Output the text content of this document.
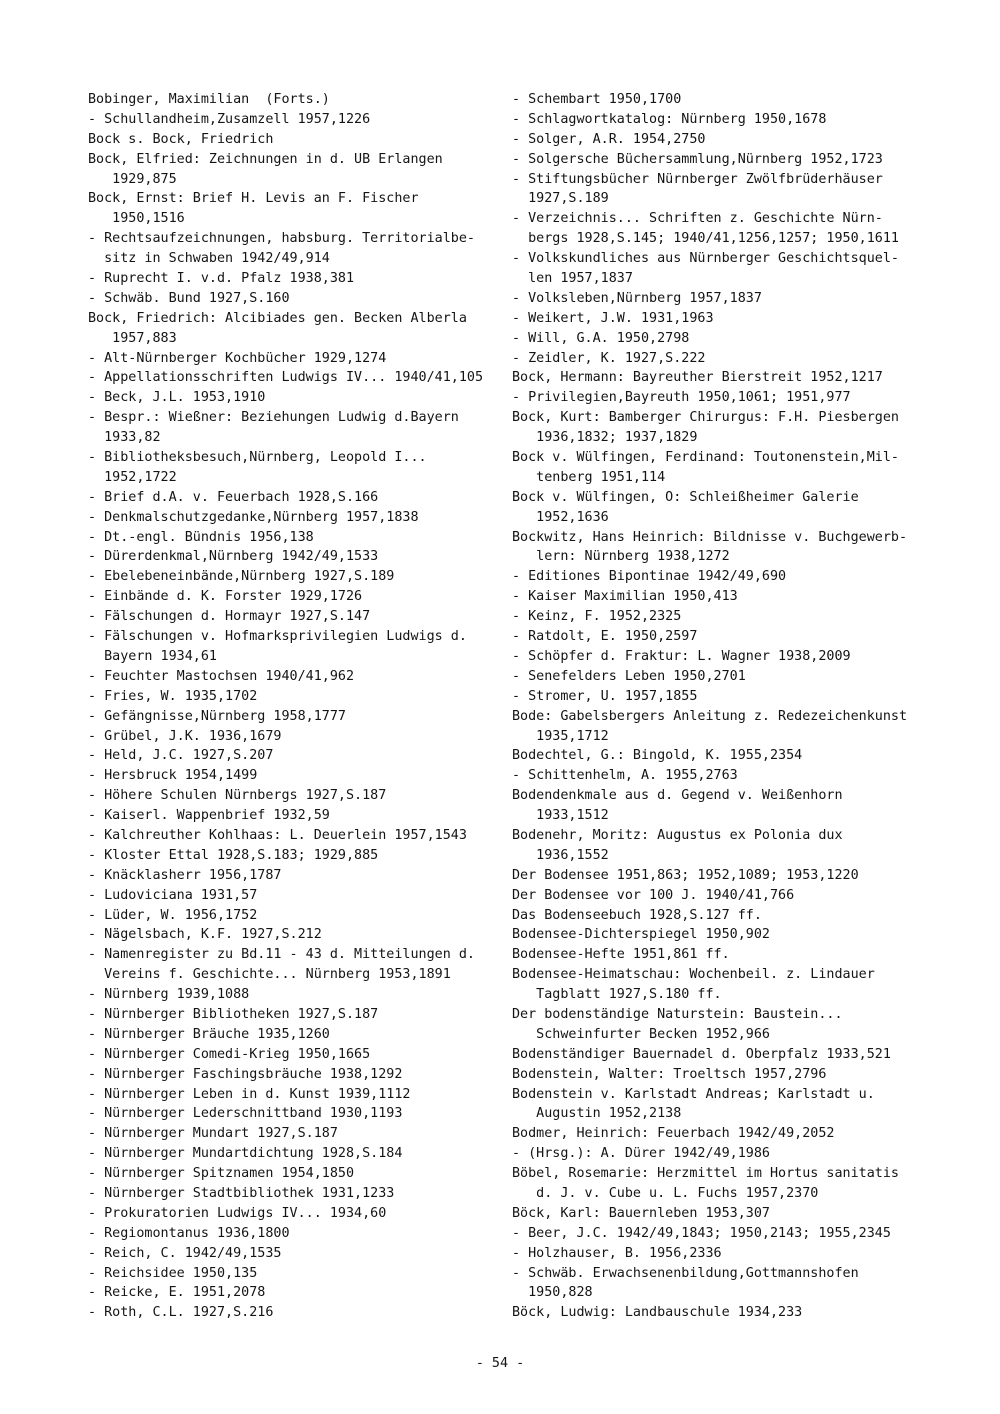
Bobinger, Maximilian  (Forts.)
- Schullandheim,Zusamzell 1957,1226
Bock s. Bock, Friedrich
Bock, Elfried: Zeichnungen in d. UB Erlangen
1929,875
Bock, Ernst: Brief H. Levis an F. Fischer
1950,1516
- Rechtsaufzeichnungen, habsburg. Territorialbe-
sitz in Schwaben 1942/49,914
- Ruprecht I. v.d. Pfalz 1938,381
- Schwäb. Bund 1927,S.160
Bock, Friedrich: Alcibiades gen. Becken Alberla
1957,883
- Alt-Nürnberger Kochbücher 1929,1274
- Appellationsschriften Ludwigs IV... 1940/41,105
- Beck, J.L. 1953,1910
- Bespr.: Wießner: Beziehungen Ludwig d.Bayern
1933,82
- Bibliotheksbesuch,Nürnberg, Leopold I...
1952,1722
- Brief d.A. v. Feuerbach 1928,S.166
- Denkmalschutzgedanke,Nürnberg 1957,1838
- Dt.-engl. Bündnis 1956,138
- Dürerdenkmal,Nürnberg 1942/49,1533
- Ebelebeneinbände,Nürnberg 1927,S.189
- Einbände d. K. Forster 1929,1726
- Fälschungen d. Hormayr 1927,S.147
- Fälschungen v. Hofmarksprivilegien Ludwigs d.
Bayern 1934,61
- Feuchter Mastochsen 1940/41,962
- Fries, W. 1935,1702
- Gefängnisse,Nürnberg 1958,1777
- Grübel, J.K. 1936,1679
- Held, J.C. 1927,S.207
- Hersbruck 1954,1499
- Höhere Schulen Nürnbergs 1927,S.187
- Kaiserl. Wappenbrief 1932,59
- Kalchreuther Kohlhaas: L. Deuerlein 1957,1543
- Kloster Ettal 1928,S.183; 1929,885
- Knäcklasherr 1956,1787
- Ludoviciana 1931,57
- Lüder, W. 1956,1752
- Nägelsbach, K.F. 1927,S.212
- Namenregister zu Bd.11 - 43 d. Mitteilungen d.
Vereins f. Geschichte... Nürnberg 1953,1891
- Nürnberg 1939,1088
- Nürnberger Bibliotheken 1927,S.187
- Nürnberger Bräuche 1935,1260
- Nürnberger Comedi-Krieg 1950,1665
- Nürnberger Faschingsbräuche 1938,1292
- Nürnberger Leben in d. Kunst 1939,1112
- Nürnberger Lederschnittband 1930,1193
- Nürnberger Mundart 1927,S.187
- Nürnberger Mundartdichtung 1928,S.184
- Nürnberger Spitznamen 1954,1850
- Nürnberger Stadtbibliothek 1931,1233
- Prokuratorien Ludwigs IV... 1934,60
- Regiomontanus 1936,1800
- Reich, C. 1942/49,1535
- Reichsidee 1950,135
- Reicke, E. 1951,2078
- Roth, C.L. 1927,S.216
- Schembart 1950,1700
- Schlagwortkatalog: Nürnberg 1950,1678
- Solger, A.R. 1954,2750
- Solgersche Büchersammlung,Nürnberg 1952,1723
- Stiftungsbücher Nürnberger Zwölfbrüderhäuser
1927,S.189
- Verzeichnis... Schriften z. Geschichte Nürn-
bergs 1928,S.145; 1940/41,1256,1257; 1950,1611
- Volkskundliches aus Nürnberger Geschichtsquel-
len 1957,1837
- Volksleben,Nürnberg 1957,1837
- Weikert, J.W. 1931,1963
- Will, G.A. 1950,2798
- Zeidler, K. 1927,S.222
Bock, Hermann: Bayreuther Bierstreit 1952,1217
- Privilegien,Bayreuth 1950,1061; 1951,977
Bock, Kurt: Bamberger Chirurgus: F.H. Piesbergen
1936,1832; 1937,1829
Bock v. Wülfingen, Ferdinand: Toutonenstein,Mil-
tenberg 1951,114
Bock v. Wülfingen, O: Schleißheimer Galerie
1952,1636
Bockwitz, Hans Heinrich: Bildnisse v. Buchgewerb-
lern: Nürnberg 1938,1272
- Editiones Bipontinae 1942/49,690
- Kaiser Maximilian 1950,413
- Keinz, F. 1952,2325
- Ratdolt, E. 1950,2597
- Schöpfer d. Fraktur: L. Wagner 1938,2009
- Senefelders Leben 1950,2701
- Stromer, U. 1957,1855
Bode: Gabelsbergers Anleitung z. Redezeichenkunst
1935,1712
Bodechtel, G.: Bingold, K. 1955,2354
- Schittenhelm, A. 1955,2763
Bodendenkmale aus d. Gegend v. Weißenhorn
1933,1512
Bodenehr, Moritz: Augustus ex Polonia dux
1936,1552
Der Bodensee 1951,863; 1952,1089; 1953,1220
Der Bodensee vor 100 J. 1940/41,766
Das Bodenseebuch 1928,S.127 ff.
Bodensee-Dichterspiegel 1950,902
Bodensee-Hefte 1951,861 ff.
Bodensee-Heimatschau: Wochenbeil. z. Lindauer
Tagblatt 1927,S.180 ff.
Der bodenständige Naturstein: Baustein...
Schweinfurter Becken 1952,966
Bodenständiger Bauernadel d. Oberpfalz 1933,521
Bodenstein, Walter: Troeltsch 1957,2796
Bodenstein v. Karlstadt Andreas; Karlstadt u.
Augustin 1952,2138
Bodmer, Heinrich: Feuerbach 1942/49,2052
- (Hrsg.): A. Dürer 1942/49,1986
Böbel, Rosemarie: Herzmittel im Hortus sanitatis
d. J. v. Cube u. L. Fuchs 1957,2370
Böck, Karl: Bauernleben 1953,307
- Beer, J.C. 1942/49,1843; 1950,2143; 1955,2345
- Holzhauser, B. 1956,2336
- Schwäb. Erwachsenenbildung,Gottmannshofen
1950,828
Böck, Ludwig: Landbauschule 1934,233
- 54 -
